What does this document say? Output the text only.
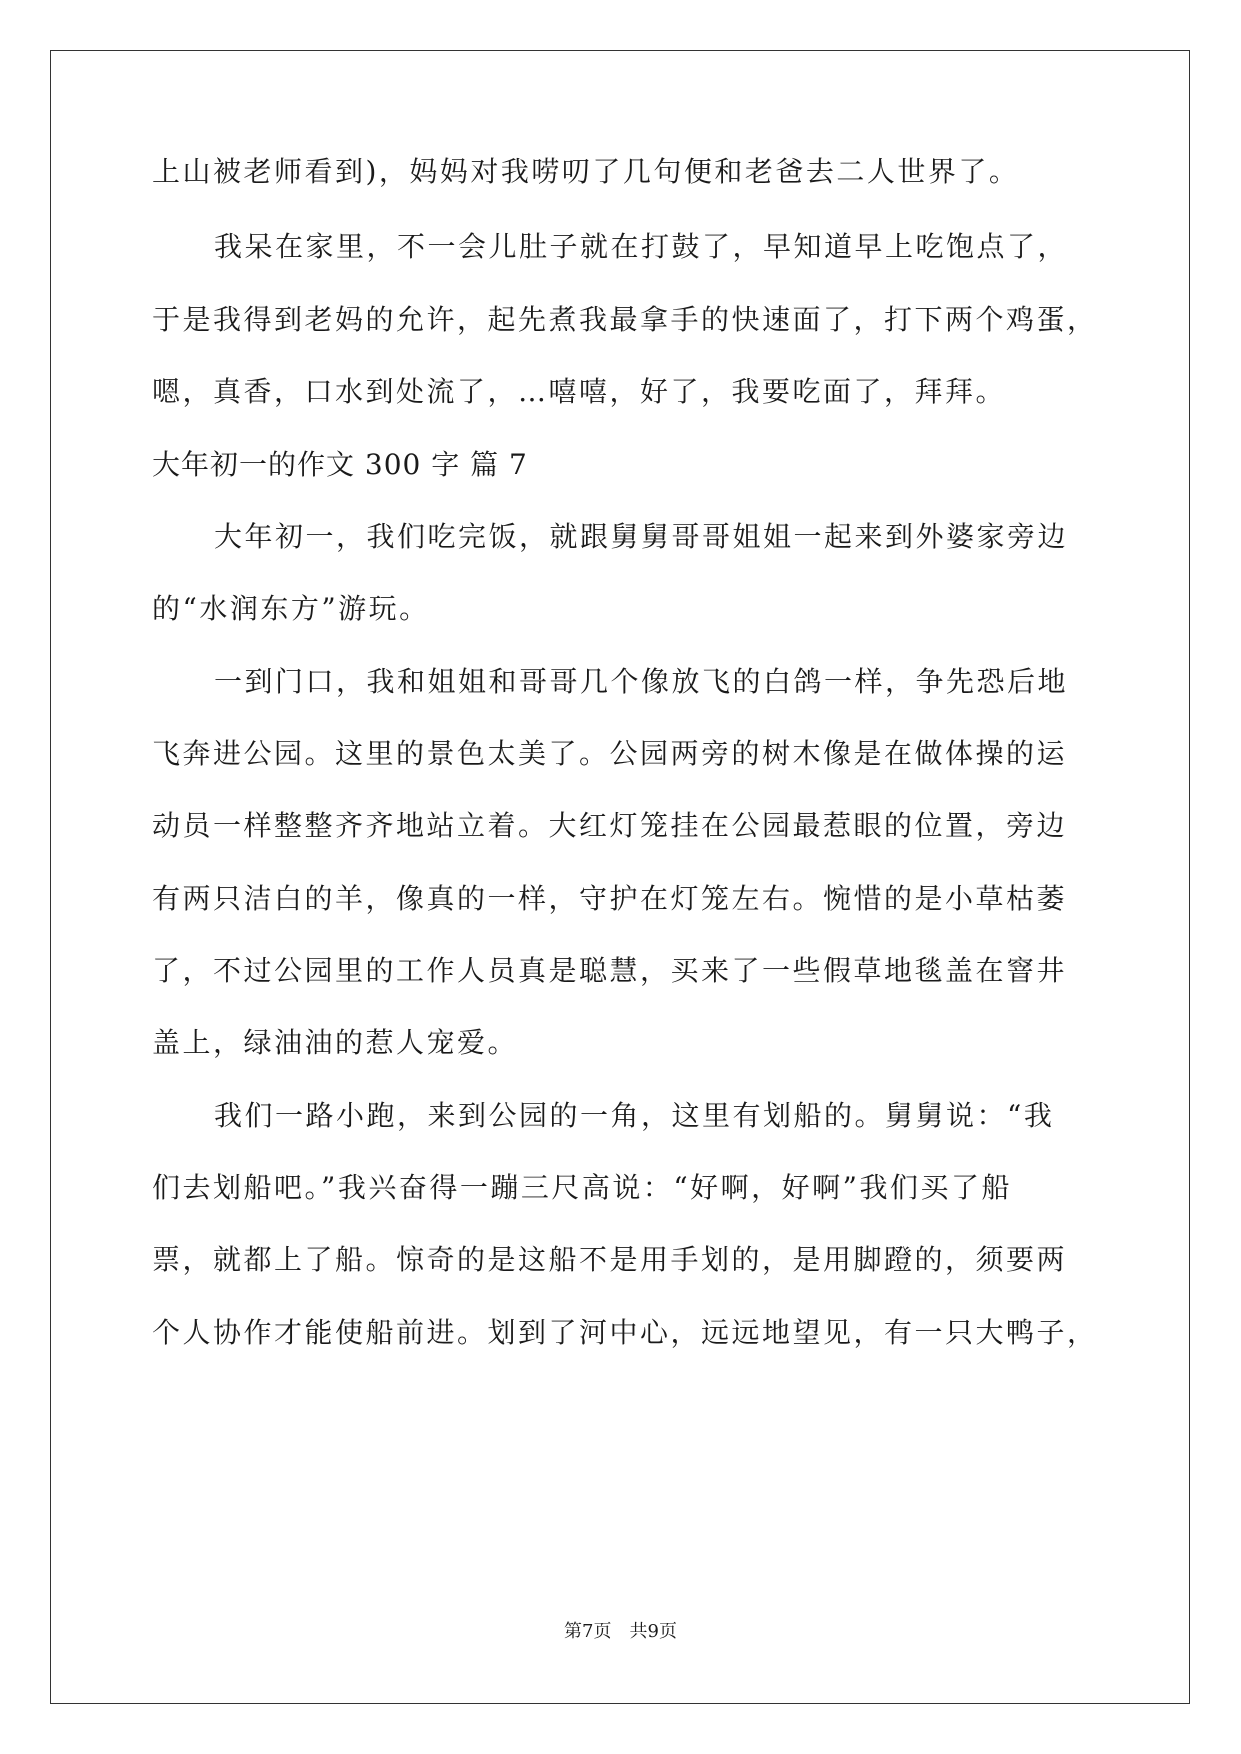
上山被老师看到)，妈妈对我唠叨了几句便和老爸去二人世界了。
我呆在家里，不一会儿肚子就在打鼓了，早知道早上吃饱点了，
于是我得到老妈的允许，起先煮我最拿手的快速面了，打下两个鸡蛋，
嗯，真香，口水到处流了，…嘻嘻，好了，我要吃面了，拜拜。
大年初一的作文 300 字 篇 7
大年初一，我们吃完饭，就跟舅舅哥哥姐姐一起来到外婆家旁边
的“水润东方”游玩。
一到门口，我和姐姐和哥哥几个像放飞的白鸽一样，争先恐后地
飞奔进公园。这里的景色太美了。公园两旁的树木像是在做体操的运
动员一样整整齐齐地站立着。大红灯笼挂在公园最惹眼的位置，旁边
有两只洁白的羊，像真的一样，守护在灯笼左右。惋惜的是小草枯萎
了，不过公园里的工作人员真是聪慧，买来了一些假草地毯盖在窨井
盖上，绿油油的惹人宠爱。
我们一路小跑，来到公园的一角，这里有划船的。舅舅说：“我
们去划船吧。”我兴奋得一蹦三尺高说：“好啊，好啊”我们买了船
票，就都上了船。惊奇的是这船不是用手划的，是用脚蹬的，须要两
个人协作才能使船前进。划到了河中心，远远地望见，有一只大鸭子，
第7页 共9页
